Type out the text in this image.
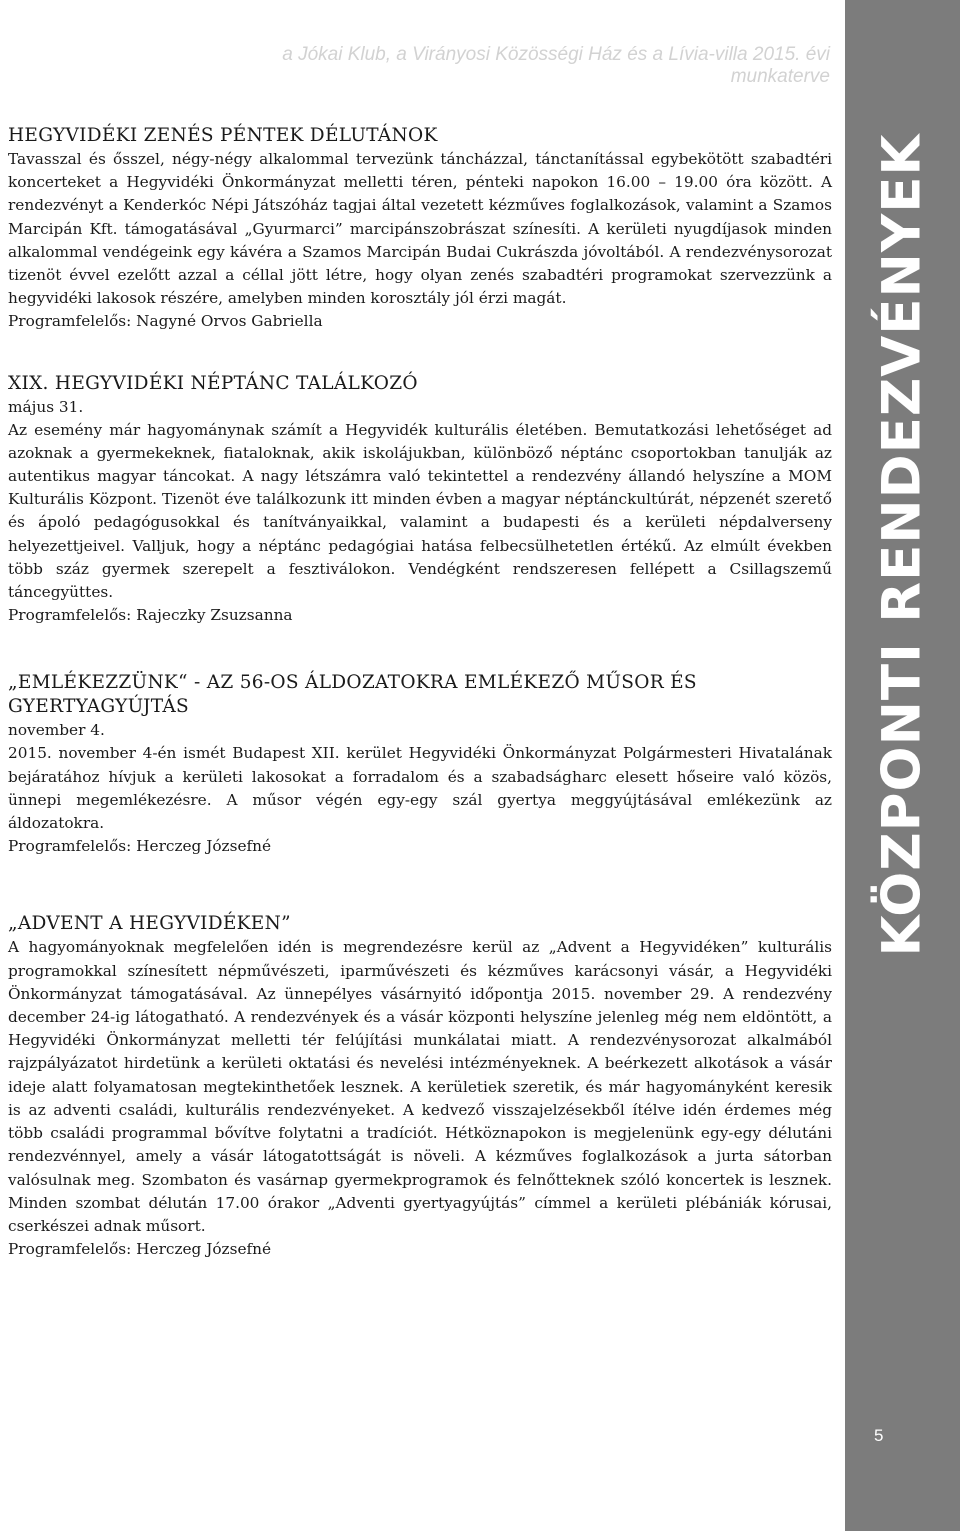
a Jókai Klub, a Virányosi Közösségi Ház és a Lívia-villa 2015. évi munkaterve
HEGYVIDÉKI ZENÉS PÉNTEK DÉLUTÁNOK

Tavasszal és ősszel, négy-négy alkalommal tervezünk táncházzal, tánctanítással egybekötött szabadtéri koncerteket a Hegyvidéki Önkormányzat melletti téren, pénteki napokon 16.00 – 19.00 óra között. A rendezvényt a Kenderkóc Népi Játszóház tagjai által vezetett kézműves foglalkozások, valamint a Szamos Marcipán Kft. támogatásával „Gyurmarci” marcipánszobrászat színesíti. A kerületi nyugdíjasok minden alkalommal vendégeink egy kávéra a Szamos Marcipán Budai Cukrászda jóvoltából. A rendezvénysorozat tizenöt évvel ezelőtt azzal a céllal jött létre, hogy olyan zenés szabadtéri programokat szervezzünk a hegyvidéki lakosok részére, amelyben minden korosztály jól érzi magát.

Programfelelős: Nagyné Orvos Gabriella

XIX. HEGYVIDÉKI NÉPTÁNC TALÁLKOZÓ

május 31.

Az esemény már hagyománynak számít a Hegyvidék kulturális életében. Bemutatkozási lehetőséget ad azoknak a gyermekeknek, fiataloknak, akik iskolájukban, különböző néptánc csoportokban tanulják az autentikus magyar táncokat. A nagy létszámra való tekintettel a rendezvény állandó helyszíne a MOM Kulturális Központ. Tizenöt éve találkozunk itt minden évben a magyar néptánckultúrát, népzenét szerető és ápoló pedagógusokkal és tanítványaikkal, valamint a budapesti és a kerületi népdalverseny helyezettjeivel. Valljuk, hogy a néptánc pedagógiai hatása felbecsülhetetlen értékű. Az elmúlt években több száz gyermek szerepelt a fesztiválokon. Vendégként rendszeresen fellépett a Csillagszemű táncegyüttes.

Programfelelős: Rajeczky Zsuzsanna

„EMLÉKEZZÜNK“ - AZ 56-OS ÁLDOZATOKRA EMLÉKEZŐ MŰSOR ÉS GYERTYAGYÚJTÁS

november 4.

2015. november 4-én ismét Budapest XII. kerület Hegyvidéki Önkormányzat Polgármesteri Hivatalának bejáratához hívjuk a kerületi lakosokat a forradalom és a szabadságharc elesett hőseire való közös, ünnepi megemlékezésre. A műsor végén egy-egy szál gyertya meggyújtásával emlékezünk az áldozatokra.

Programfelelős: Herczeg Józsefné

„ADVENT A HEGYVIDÉKEN”

A hagyományoknak megfelelően idén is megrendezésre kerül az „Advent a Hegyvidéken” kulturális programokkal színesített népművészeti, iparművészeti és kézműves karácsonyi vásár, a Hegyvidéki Önkormányzat támogatásával. Az ünnepélyes vásárnyitó időpontja 2015. november 29. A rendezvény december 24-ig látogatható. A rendezvények és a vásár központi helyszíne jelenleg még nem eldöntött, a Hegyvidéki Önkormányzat melletti tér felújítási munkálatai miatt. A rendezvénysorozat alkalmából rajzpályázatot hirdetünk a kerületi oktatási és nevelési intézményeknek. A beérkezett alkotások a vásár ideje alatt folyamatosan megtekinthetőek lesznek. A kerületiek szeretik, és már hagyományként keresik is az adventi családi, kulturális rendezvényeket. A kedvező visszajelzésekből ítélve idén érdemes még több családi programmal bővítve folytatni a tradíciót. Hétköznapokon is megjelenünk egy-egy délutáni rendezvénnyel, amely a vásár látogatottságát is növeli. A kézműves foglalkozások a jurta sátorban valósulnak meg. Szombaton és vasárnap gyermekprogramok és felnőtteknek szóló koncertek is lesznek. Minden szombat délután 17.00 órakor „Adventi gyertyagyújtás” címmel a kerületi plébániák kórusai, cserkészei adnak műsort.

Programfelelős: Herczeg Józsefné

KÖZPONTI RENDEZVÉNYEK
5
